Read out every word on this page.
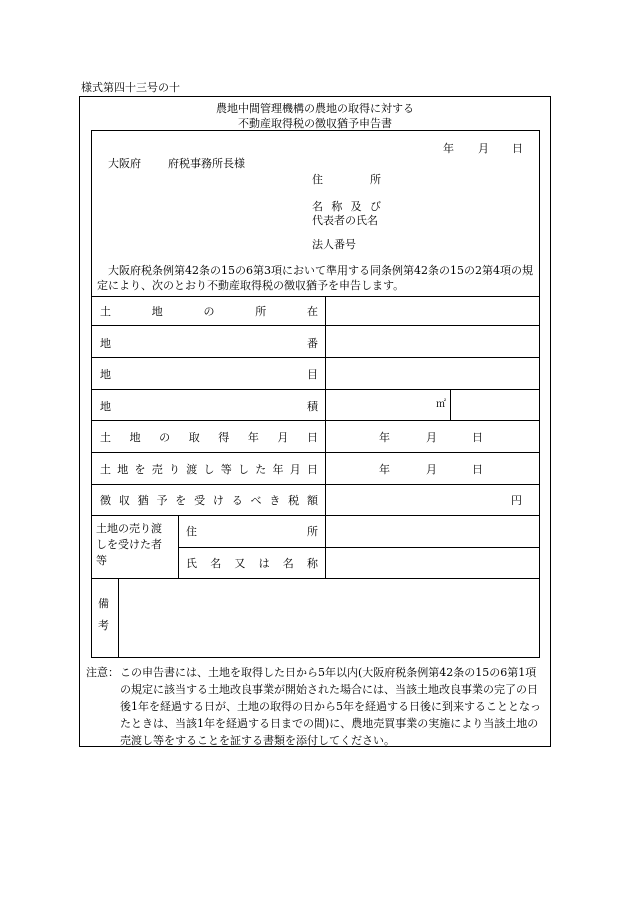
様式第四十三号の十
農地中間管理機構の農地の取得に対する
不動産取得税の徴収猶予申告書
年 月 日
大阪府 府税事務所長様
住	所
名 称 及 び
代表者の氏名
法人番号
大阪府税条例第42条の15の6第3項において準用する同条例第42条の15の2第4項の規定により、次のとおり不動産取得税の徴収猶予を申告します。
土	地	の	所	在
地	番
地	目
地	積	㎡
土 地 の 取 得 年 月 日	年	月	日
土 地 を 売 り 渡 し 等 し た 年 月 日	年	月	日
徴 収 猶 予 を 受 け る べ き 税 額	円
土地の売り渡
しを受けた者
等
住	所
氏 名 又 は 名 称
備
考
注意： この申告書には、土地を取得した日から5年以内(大阪府税条例第42条の15の6第1項の規定に該当する土地改良事業が開始された場合には、当該土地改良事業の完了の日後1年を経過する日が、土地の取得の日から5年を経過する日後に到来することとなったときは、当該1年を経過する日までの間)に、農地売買事業の実施により当該土地の売渡し等をすることを証する書類を添付してください。
